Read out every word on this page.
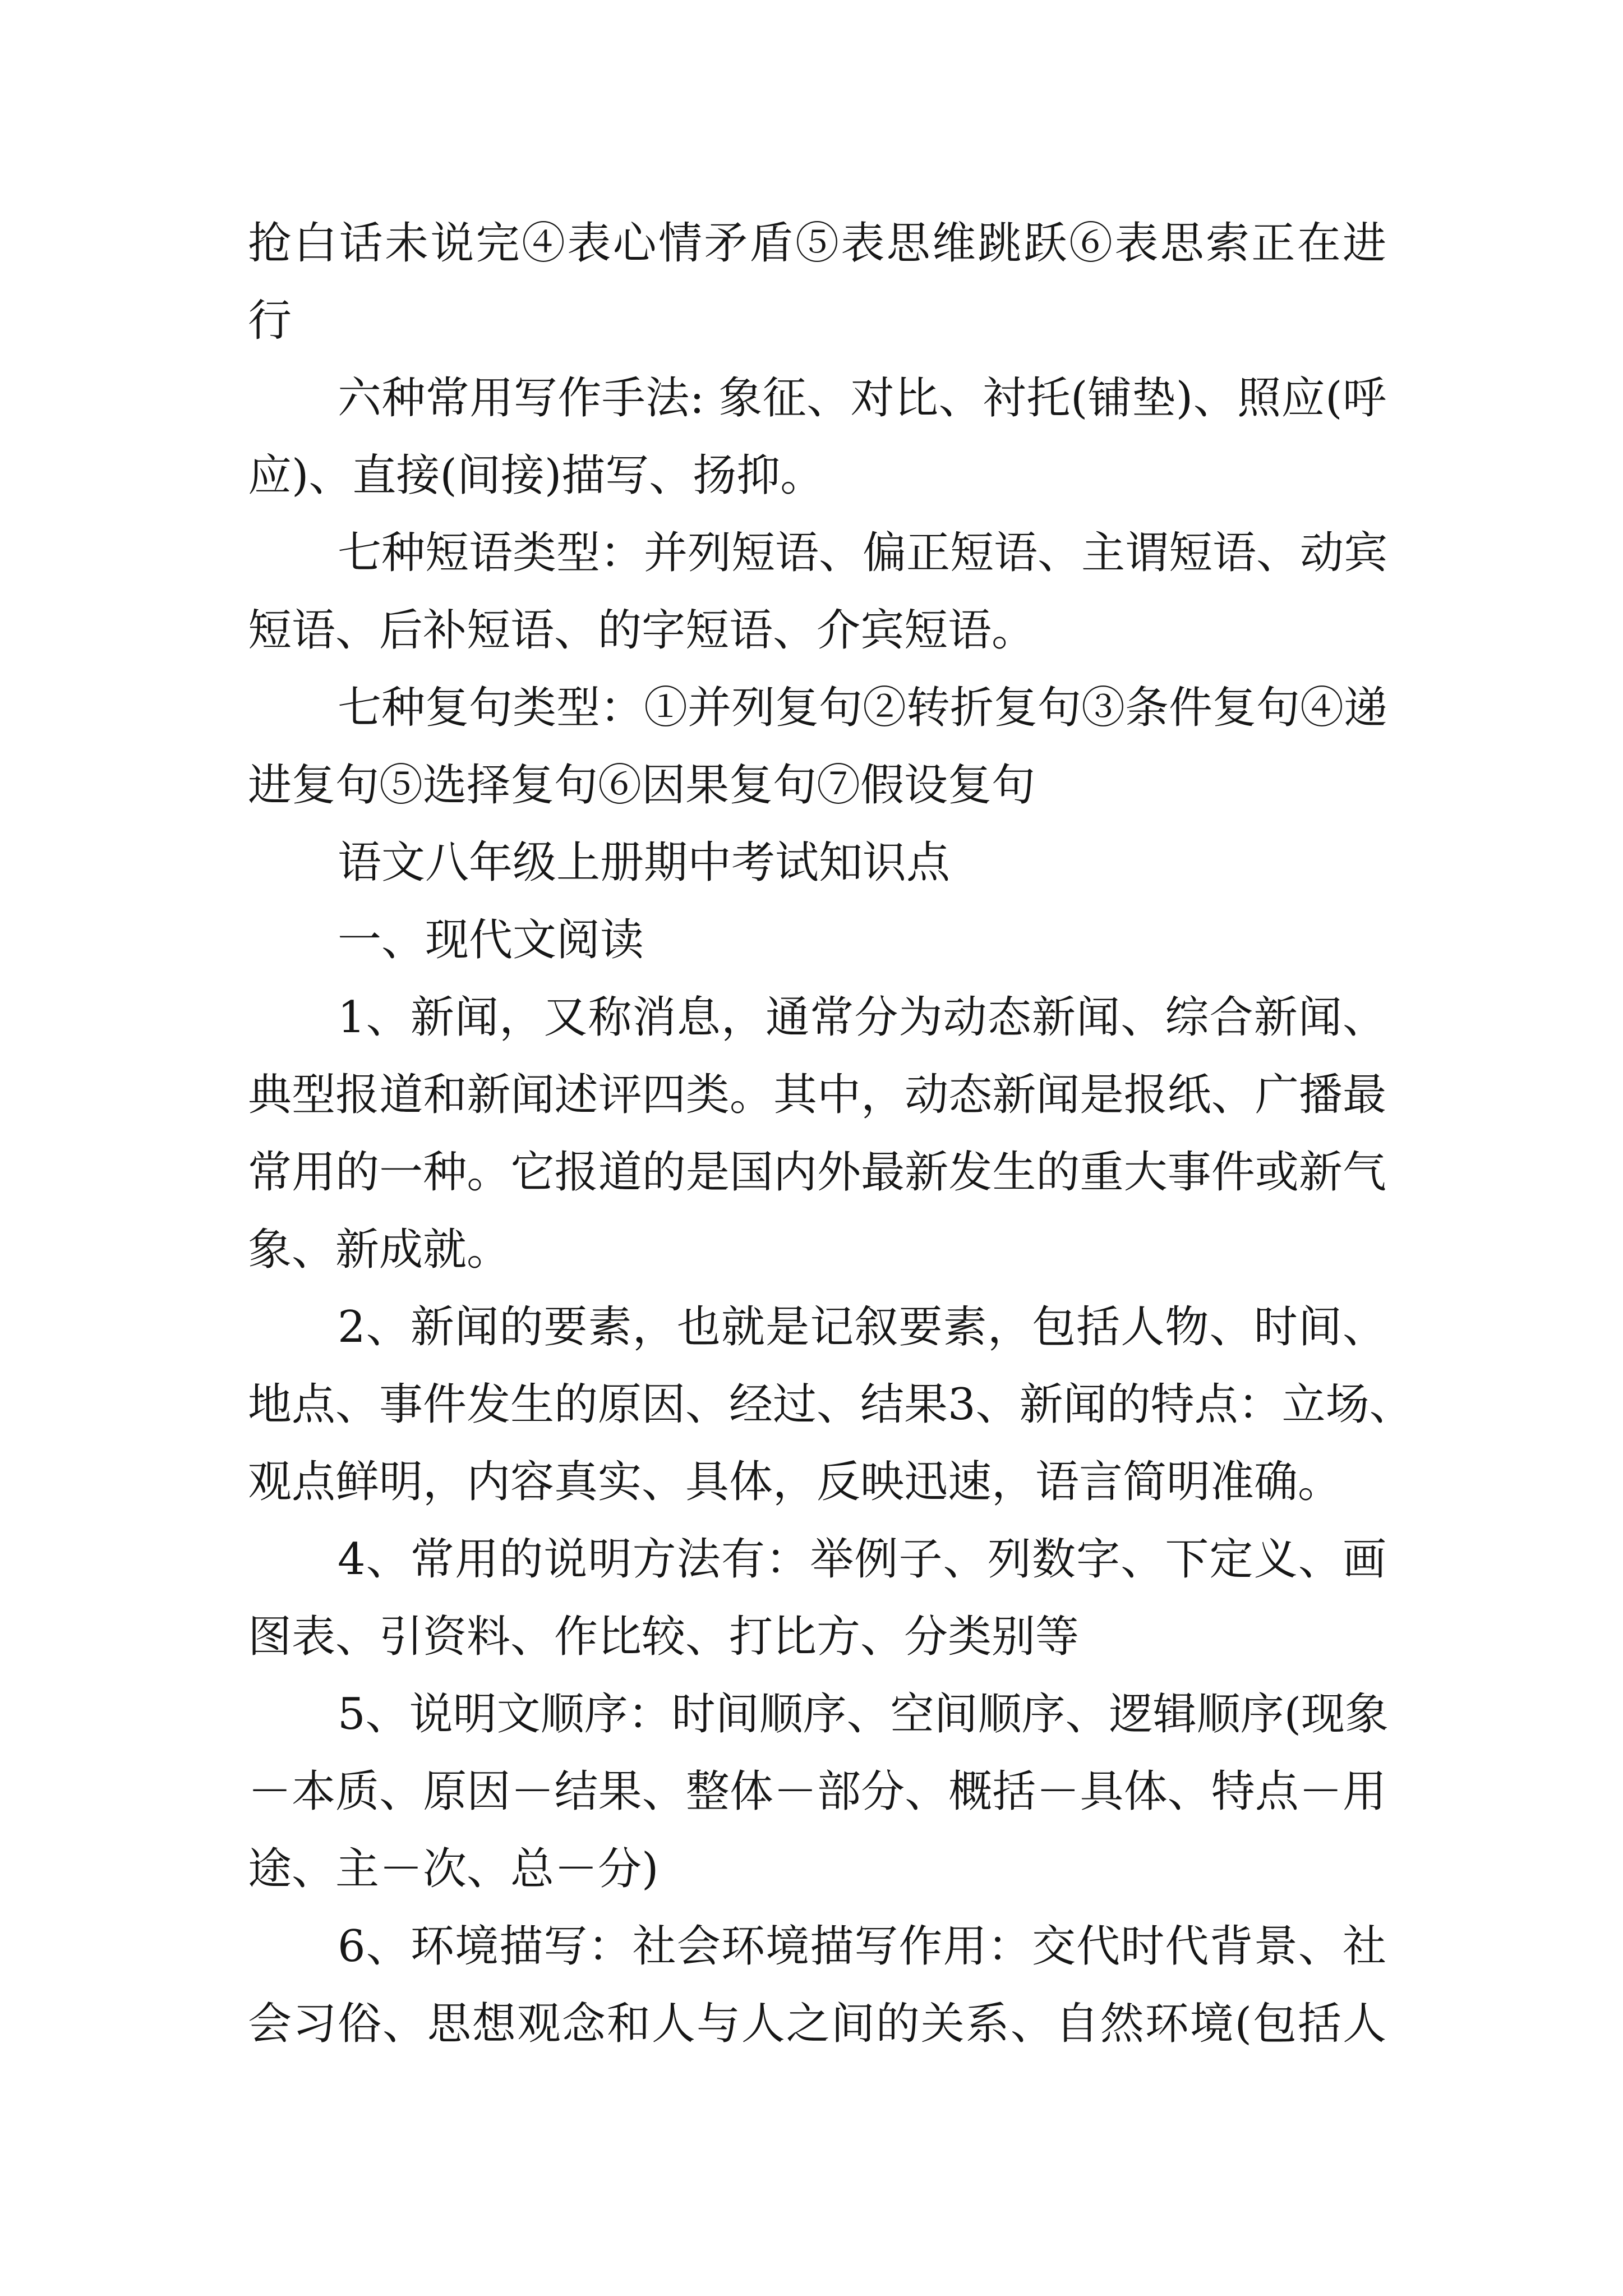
抢白话未说完④表心情矛盾⑤表思维跳跃⑥表思索正在进
行
六种常用写作手法: 象征、对比、衬托(铺垫)、照应(呼
应)、直接(间接)描写、扬抑。
七种短语类型：并列短语、偏正短语、主谓短语、动宾
短语、后补短语、的字短语、介宾短语。
七种复句类型：①并列复句②转折复句③条件复句④递
进复句⑤选择复句⑥因果复句⑦假设复句
语文八年级上册期中考试知识点
一、现代文阅读
1、新闻，又称消息，通常分为动态新闻、综合新闻、
典型报道和新闻述评四类。其中，动态新闻是报纸、广播最
常用的一种。它报道的是国内外最新发生的重大事件或新气
象、新成就。
2、新闻的要素，也就是记叙要素，包括人物、时间、
地点、事件发生的原因、经过、结果3、新闻的特点：立场、
观点鲜明，内容真实、具体，反映迅速，语言简明准确。
4、常用的说明方法有：举例子、列数字、下定义、画
图表、引资料、作比较、打比方、分类别等
5、说明文顺序：时间顺序、空间顺序、逻辑顺序(现象
－本质、原因－结果、整体－部分、概括－具体、特点－用
途、主－次、总－分)
6、环境描写：社会环境描写作用：交代时代背景、社
会习俗、思想观念和人与人之间的关系、自然环境(包括人
